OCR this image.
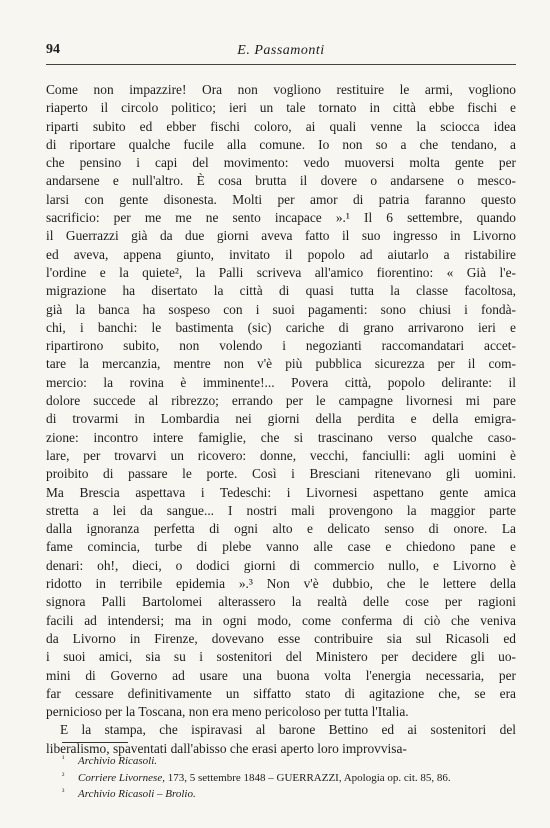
94	E. Passamonti
Come non impazzire! Ora non vogliono restituire le armi, vogliono
riaperto il circolo politico; ieri un tale tornato in città ebbe fischi e
riparti subito ed ebber fischi coloro, ai quali venne la sciocca idea
di riportare qualche fucile alla comune. Io non so a che tendano, a
che pensino i capi del movimento: vedo muoversi molta gente per
andarsene e null'altro. È cosa brutta il dovere o andarsene o mesco-
larsi con gente disonesta. Molti per amor di patria faranno questo
sacrificio: per me me ne sento incapace ».¹ Il 6 settembre, quando
il Guerrazzi già da due giorni aveva fatto il suo ingresso in Livorno
ed aveva, appena giunto, invitato il popolo ad aiutarlo a ristabilire
l'ordine e la quiete², la Palli scriveva all'amico fiorentino: « Già l'e-
migrazione ha disertato la città di quasi tutta la classe facoltosa,
già la banca ha sospeso con i suoi pagamenti: sono chiusi i fondà-
chi, i banchi: le bastimenta (sic) cariche di grano arrivarono ieri e
ripartirono subito, non volendo i negozianti raccomandatari accet-
tare la mercanzia, mentre non v'è più pubblica sicurezza per il com-
mercio: la rovina è imminente!... Povera città, popolo delirante: il
dolore succede al ribrezzo; errando per le campagne livornesi mi pare
di trovarmi in Lombardia nei giorni della perdita e della emigra-
zione: incontro intere famiglie, che si trascinano verso qualche caso-
lare, per trovarvi un ricovero: donne, vecchi, fanciulli: agli uomini è
proibito di passare le porte. Così i Bresciani ritenevano gli uomini.
Ma Brescia aspettava i Tedeschi: i Livornesi aspettano gente amica
stretta a lei da sangue... I nostri mali provengono la maggior parte
dalla ignoranza perfetta di ogni alto e delicato senso di onore. La
fame comincia, turbe di plebe vanno alle case e chiedono pane e
denari: oh!, dieci, o dodici giorni di commercio nullo, e Livorno è
ridotto in terribile epidemia ».³ Non v'è dubbio, che le lettere della
signora Palli Bartolomei alterassero la realtà delle cose per ragioni
facili ad intendersi; ma in ogni modo, come conferma di ciò che veniva
da Livorno in Firenze, dovevano esse contribuire sia sul Ricasoli ed
i suoi amici, sia su i sostenitori del Ministero per decidere gli uo-
mini di Governo ad usare una buona volta l'energia necessaria, per
far cessare definitivamente un siffatto stato di agitazione che, se era
pernicioso per la Toscana, non era meno pericoloso per tutta l'Italia.
E la stampa, che ispiravasi al barone Bettino ed ai sostenitori del
liberalismo, spaventati dall'abisso che erasi aperto loro improvvisa-
¹ Archivio Ricasoli.
² Corriere Livornese, 173, 5 settembre 1848 – GUERRAZZI, Apologia op. cit. 85, 86.
³ Archivio Ricasoli – Brolio.
